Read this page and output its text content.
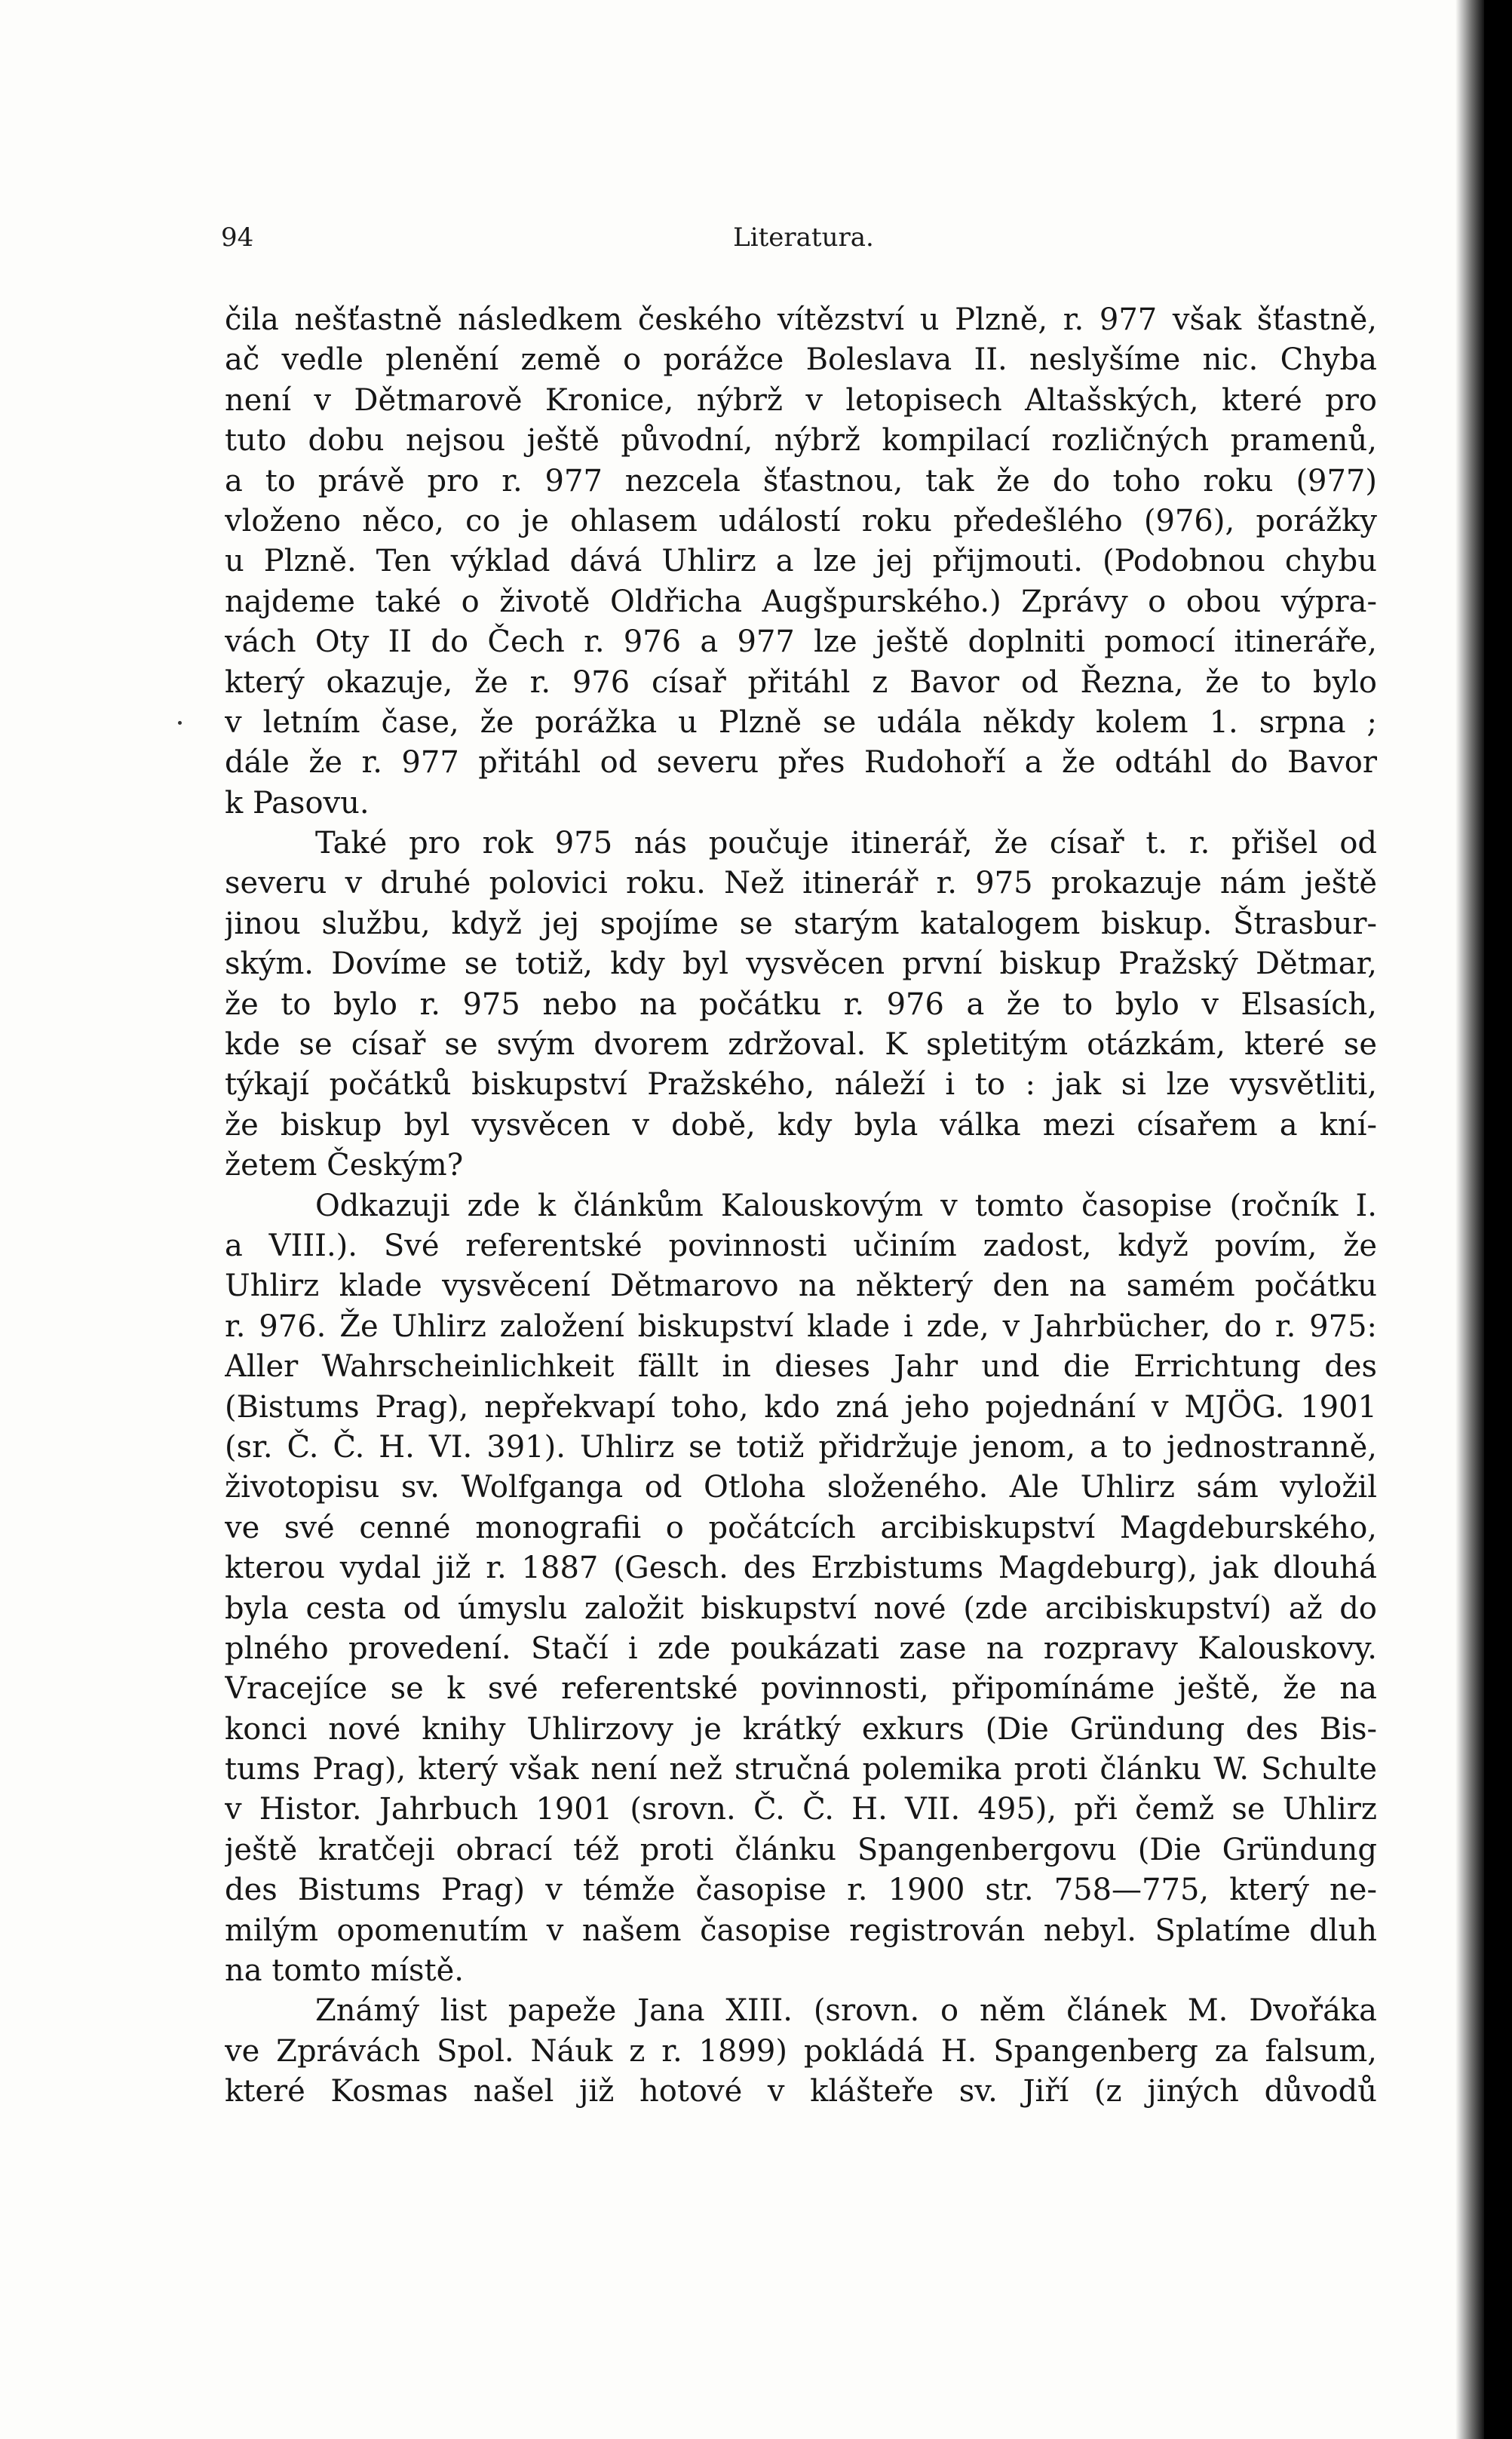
94	Literatura.
čila nešťastně následkem českého vítězství u Plzně, r. 977 však šťastně,
ač vedle plenění země o porážce Boleslava II. neslyšíme nic. Chyba
není v Dětmarově Kronice, nýbrž v letopisech Altašských, které pro
tuto dobu nejsou ještě původní, nýbrž kompilací rozličných pramenů,
a to právě pro r. 977 nezcela šťastnou, tak že do toho roku (977)
vloženo něco, co je ohlasem událostí roku předešlého (976), porážky
u Plzně. Ten výklad dává Uhlirz a lze jej přijmouti. (Podobnou chybu
najdeme také o životě Oldřicha Augšpurského.) Zprávy o obou výpra-
vách Oty II do Čech r. 976 a 977 lze ještě doplniti pomocí itineráře,
který okazuje, že r. 976 císař přitáhl z Bavor od Řezna, že to bylo
v letním čase, že porážka u Plzně se udála někdy kolem 1. srpna ;
dále že r. 977 přitáhl od severu přes Rudohoří a že odtáhl do Bavor
k Pasovu.
Také pro rok 975 nás poučuje itinerář, že císař t. r. přišel od
severu v druhé polovici roku. Než itinerář r. 975 prokazuje nám ještě
jinou službu, když jej spojíme se starým katalogem biskup. Štrasbur-
ským. Dovíme se totiž, kdy byl vysvěcen první biskup Pražský Dětmar,
že to bylo r. 975 nebo na počátku r. 976 a že to bylo v Elsasích,
kde se císař se svým dvorem zdržoval. K spletitým otázkám, které se
týkají počátků biskupství Pražského, náleží i to : jak si lze vysvětliti,
že biskup byl vysvěcen v době, kdy byla válka mezi císařem a kní-
žetem Českým?
Odkazuji zde k článkům Kalouskovým v tomto časopise (ročník I.
a VIII.). Své referentské povinnosti učiním zadost, když povím, že
Uhlirz klade vysvěcení Dětmarovo na některý den na samém počátku
r. 976. Že Uhlirz založení biskupství klade i zde, v Jahrbücher, do r. 975:
Aller Wahrscheinlichkeit fällt in dieses Jahr und die Errichtung des
(Bistums Prag), nepřekvapí toho, kdo zná jeho pojednání v MJÖG. 1901
(sr. Č. Č. H. VI. 391). Uhlirz se totiž přidržuje jenom, a to jednostranně,
životopisu sv. Wolfganga od Otloha složeného. Ale Uhlirz sám vyložil
ve své cenné monografii o počátcích arcibiskupství Magdeburského,
kterou vydal již r. 1887 (Gesch. des Erzbistums Magdeburg), jak dlouhá
byla cesta od úmyslu založit biskupství nové (zde arcibiskupství) až do
plného provedení. Stačí i zde poukázati zase na rozpravy Kalouskovy.
Vracejíce se k své referentské povinnosti, připomínáme ještě, že na
konci nové knihy Uhlirzovy je krátký exkurs (Die Gründung des Bis-
tums Prag), který však není než stručná polemika proti článku W. Schulte
v Histor. Jahrbuch 1901 (srovn. Č. Č. H. VII. 495), při čemž se Uhlirz
ještě kratčeji obrací též proti článku Spangenbergovu (Die Gründung
des Bistums Prag) v témže časopise r. 1900 str. 758—775, který ne-
milým opomenutím v našem časopise registrován nebyl. Splatíme dluh
na tomto místě.
Známý list papeže Jana XIII. (srovn. o něm článek M. Dvořáka
ve Zprávách Spol. Náuk z r. 1899) pokládá H. Spangenberg za falsum,
které Kosmas našel již hotové v klášteře sv. Jiří (z jiných důvodů
